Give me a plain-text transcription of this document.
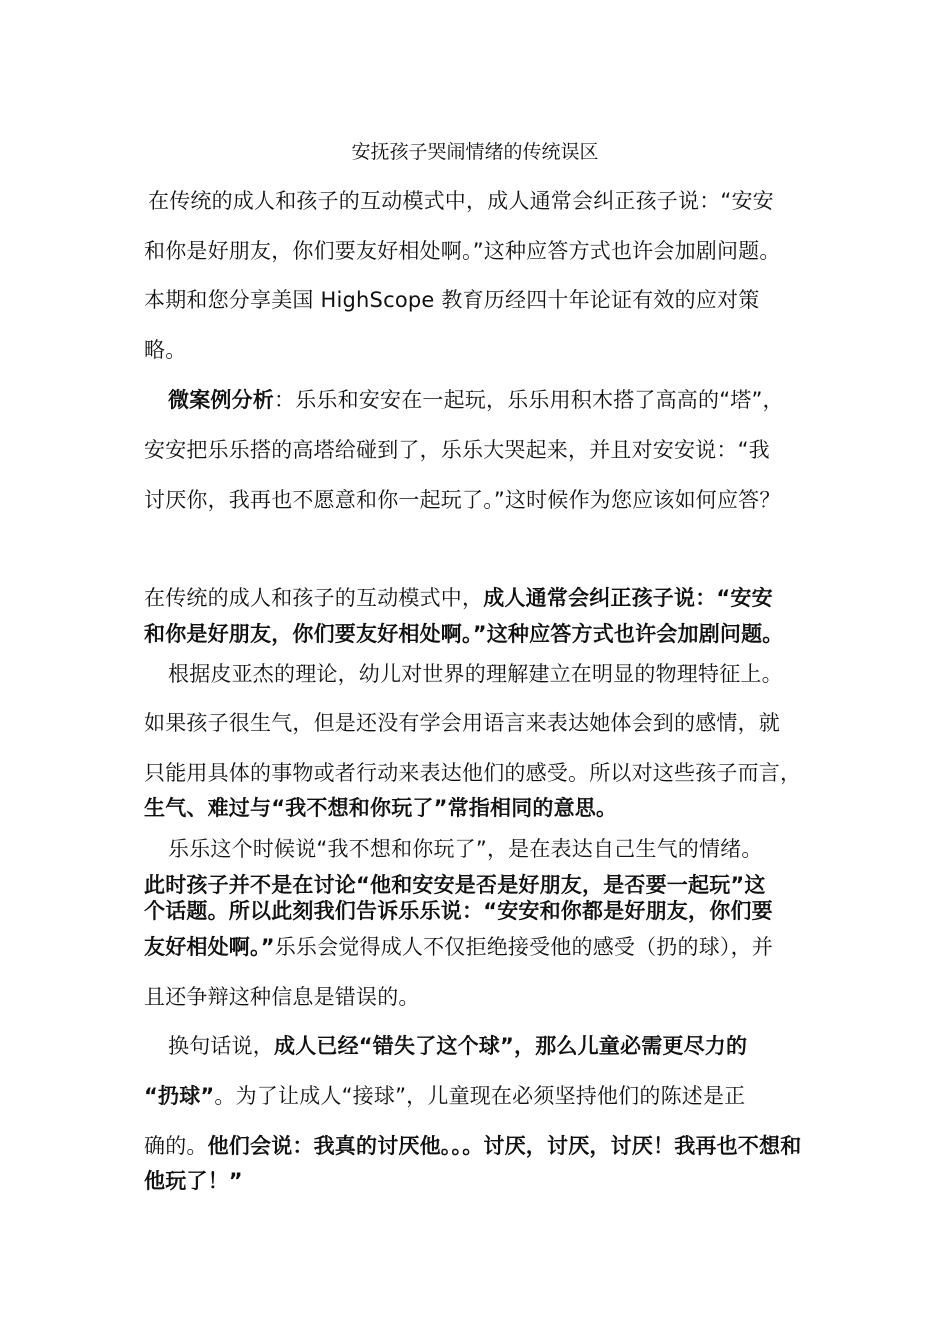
安抚孩子哭闹情绪的传统误区
在传统的成人和孩子的互动模式中，成人通常会纠正孩子说：“安安
和你是好朋友，你们要友好相处啊。”这种应答方式也许会加剧问题。
本期和您分享美国 HighScope 教育历经四十年论证有效的应对策
略。
微案例分析：乐乐和安安在一起玩，乐乐用积木搭了高高的“塔”，
安安把乐乐搭的高塔给碰到了，乐乐大哭起来，并且对安安说：“我
讨厌你，我再也不愿意和你一起玩了。”这时候作为您应该如何应答？
在传统的成人和孩子的互动模式中，成人通常会纠正孩子说：“安安
和你是好朋友，你们要友好相处啊。”这种应答方式也许会加剧问题。
根据皮亚杰的理论，幼儿对世界的理解建立在明显的物理特征上。
如果孩子很生气，但是还没有学会用语言来表达她体会到的感情，就
只能用具体的事物或者行动来表达他们的感受。所以对这些孩子而言，
生气、难过与“我不想和你玩了”常指相同的意思。
乐乐这个时候说“我不想和你玩了”，是在表达自己生气的情绪。
此时孩子并不是在讨论“他和安安是否是好朋友，是否要一起玩”这
个话题。所以此刻我们告诉乐乐说：“安安和你都是好朋友，你们要
友好相处啊。”乐乐会觉得成人不仅拒绝接受他的感受（扔的球），并
且还争辩这种信息是错误的。
换句话说，成人已经“错失了这个球”，那么儿童必需更尽力的
“扔球”。为了让成人“接球”，儿童现在必须坚持他们的陈述是正
确的。他们会说：我真的讨厌他。。。讨厌，讨厌，讨厌！我再也不想和
他玩了！”
